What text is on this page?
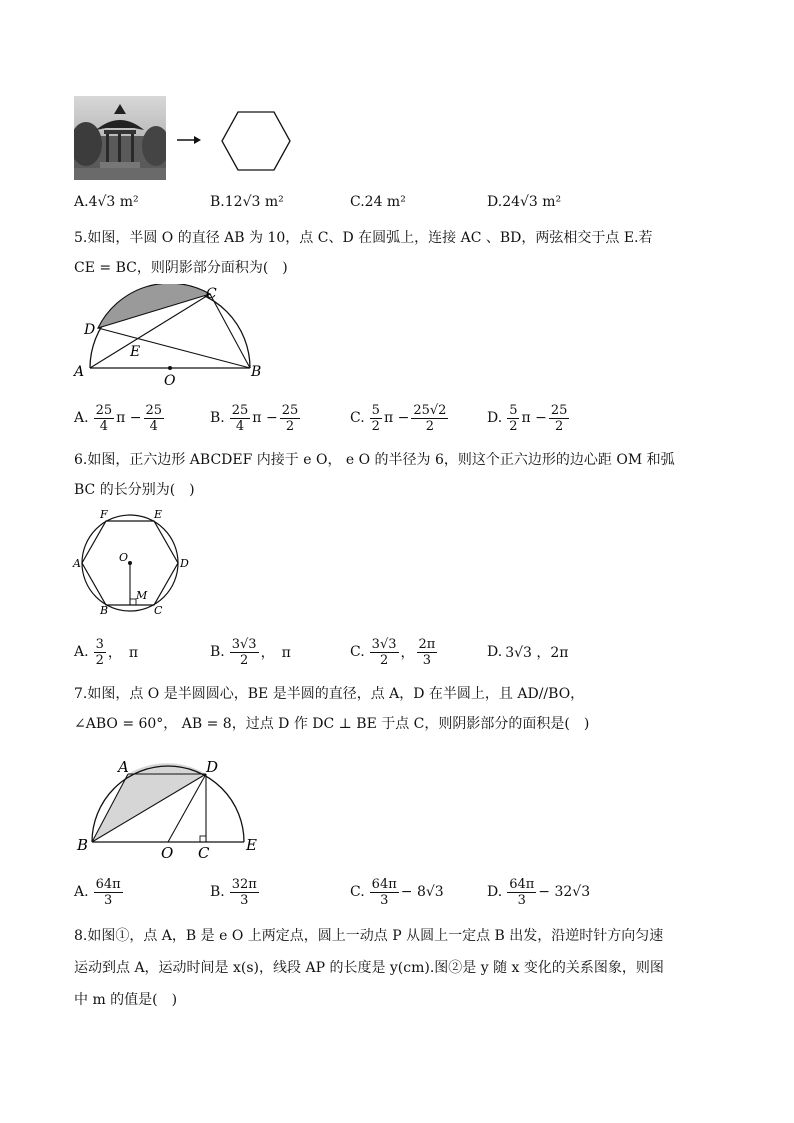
A. 4√3 m²	B. 12√3 m²	C. 24 m²	D. 24√3 m²
5.如图，半圆 O 的直径 AB 为 10，点 C、D 在圆弧上，连接 AC 、BD，两弦相交于点 E.若
CE = BC，则阴影部分面积为(　)
A	B
C
D
E
O
A. $\frac{25}{4}$ $\pi - \frac{25}{4}$	B. $\frac{25}{4}$ $\pi - \frac{25}{2}$	C. $\frac{5}{2}$ $\pi - \frac{25√2}{2}$	D. $\frac{5}{2}$ $\pi - \frac{25}{2}$
6.如图，正六边形 ABCDEF 内接于 e O， e O 的半径为 6，则这个正六边形的边心距 OM 和弧
BC 的长分别为(　)
F	E
A	D
B	C
O
M
A. $\frac{3}{2}$ ，　π	B. $\frac{3√3}{2}$ ，　π	C. $\frac{3√3}{2}$ ， $\frac{2\pi}{3}$	D. 3√3 ，2π
7.如图，点 O 是半圆圆心，BE 是半圆的直径，点 A，D 在半圆上，且 AD//BO，
∠ABO = 60°， AB = 8，过点 D 作 DC ⊥ BE 于点 C，则阴影部分的面积是(　)
A	D
B	O C E
A. $\frac{64\pi}{3}$	B. $\frac{32\pi}{3}$	C. $\frac{64\pi}{3} - 8√3$	D. $\frac{64\pi}{3} - 32√3$
8.如图①，点 A，B 是 e O 上两定点，圆上一动点 P 从圆上一定点 B 出发，沿逆时针方向匀速
运动到点 A，运动时间是 x(s)，线段 AP 的长度是 y(cm).图②是 y 随 x 变化的关系图象，则图
中 m 的值是(　)
